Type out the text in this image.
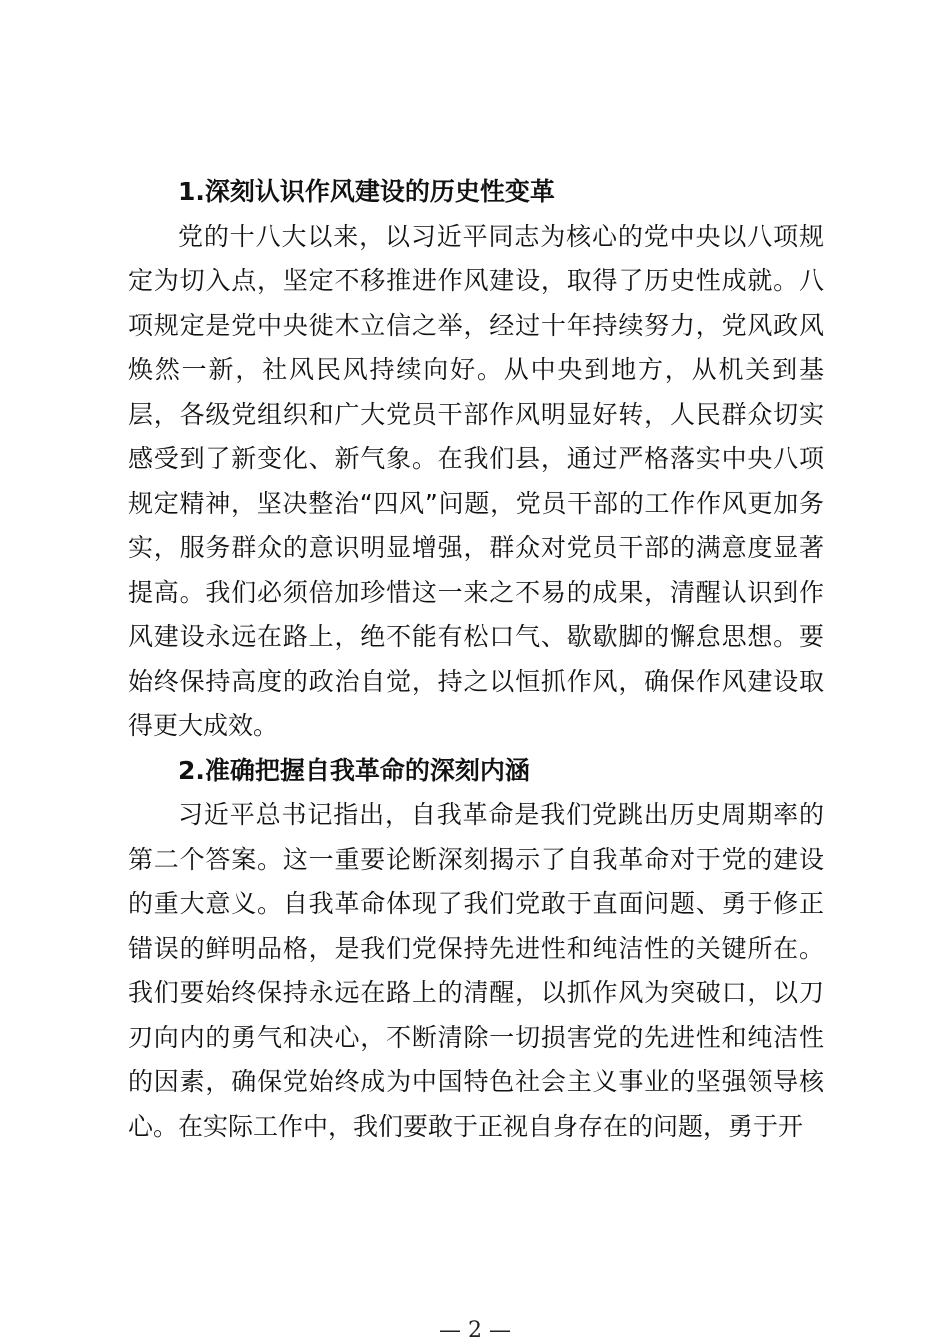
1.深刻认识作风建设的历史性变革

党的十八大以来，以习近平同志为核心的党中央以八项规定为切入点，坚定不移推进作风建设，取得了历史性成就。八项规定是党中央徙木立信之举，经过十年持续努力，党风政风焕然一新，社风民风持续向好。从中央到地方，从机关到基层，各级党组织和广大党员干部作风明显好转，人民群众切实感受到了新变化、新气象。在我们县，通过严格落实中央八项规定精神，坚决整治“四风”问题，党员干部的工作作风更加务实，服务群众的意识明显增强，群众对党员干部的满意度显著提高。我们必须倍加珍惜这一来之不易的成果，清醒认识到作风建设永远在路上，绝不能有松口气、歇歇脚的懈怠思想。要始终保持高度的政治自觉，持之以恒抓作风，确保作风建设取得更大成效。

2.准确把握自我革命的深刻内涵

习近平总书记指出，自我革命是我们党跳出历史周期率的第二个答案。这一重要论断深刻揭示了自我革命对于党的建设的重大意义。自我革命体现了我们党敢于直面问题、勇于修正错误的鲜明品格，是我们党保持先进性和纯洁性的关键所在。我们要始终保持永远在路上的清醒，以抓作风为突破口，以刀刃向内的勇气和决心，不断清除一切损害党的先进性和纯洁性的因素，确保党始终成为中国特色社会主义事业的坚强领导核心。在实际工作中，我们要敢于正视自身存在的问题，勇于开

— 2 —
